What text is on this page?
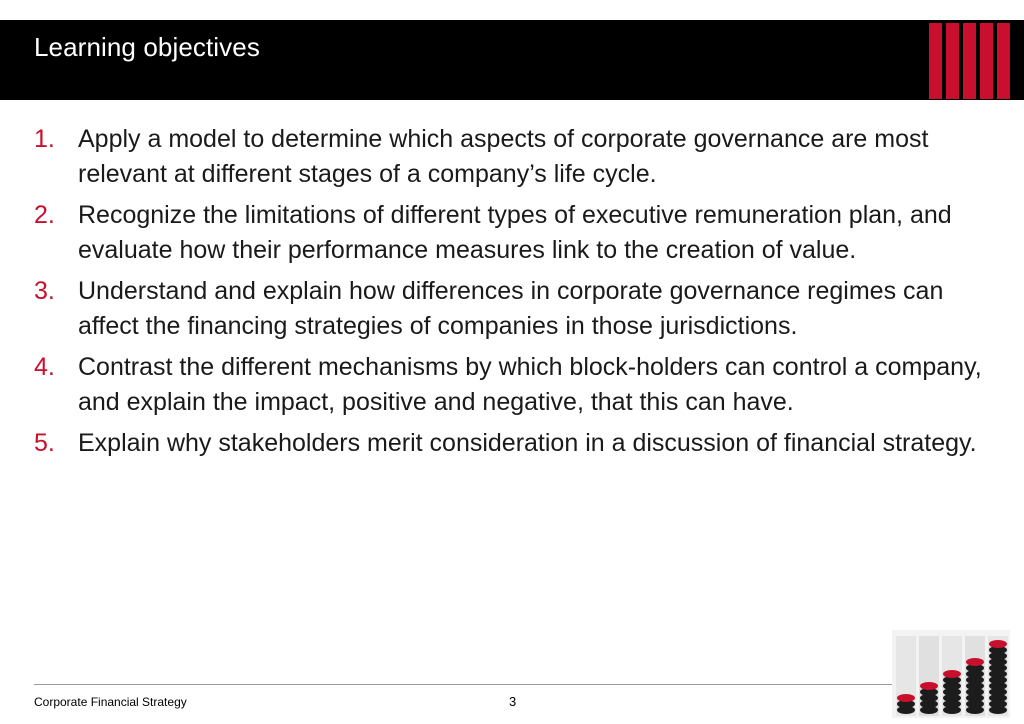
Learning objectives
1. Apply a model to determine which aspects of corporate governance are most relevant at different stages of a company’s life cycle.
2. Recognize the limitations of different types of executive remuneration plan, and evaluate how their performance measures link to the creation of value.
3. Understand and explain how differences in corporate governance regimes can affect the financing strategies of companies in those jurisdictions.
4. Contrast the different mechanisms by which block-holders can control a company, and explain the impact, positive and negative, that this can have.
5. Explain why stakeholders merit consideration in a discussion of financial strategy.
Corporate Financial Strategy	3
